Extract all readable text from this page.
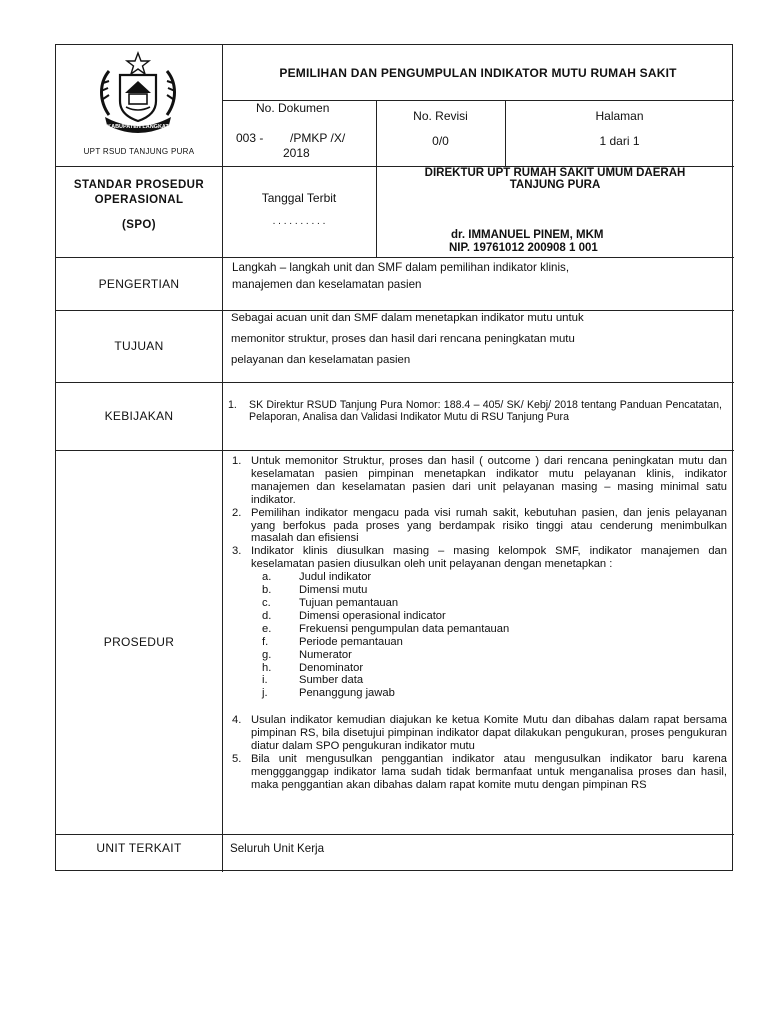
KABUPATEN LANGKAT
UPT RSUD TANJUNG PURA
PEMILIHAN DAN PENGUMPULAN INDIKATOR MUTU RUMAH SAKIT
No. Dokumen
003 -        /PMKP /X/
2018
No. Revisi
0/0
Halaman
1 dari 1
STANDAR PROSEDUR
OPERASIONAL
(SPO)
Tanggal Terbit
. . . . . . . . . .
DIREKTUR UPT RUMAH SAKIT UMUM DAERAH
TANJUNG PURA
dr. IMMANUEL PINEM, MKM
NIP. 19761012 200908 1 001
PENGERTIAN
Langkah – langkah unit dan SMF dalam pemilihan indikator klinis,
manajemen dan keselamatan pasien
TUJUAN
Sebagai acuan unit dan SMF dalam menetapkan indikator mutu untuk
memonitor struktur, proses dan hasil dari rencana peningkatan mutu
pelayanan dan keselamatan pasien
KEBIJAKAN
1. SK Direktur RSUD Tanjung Pura Nomor: 188.4 – 405/ SK/ Kebj/ 2018 tentang Panduan Pencatatan, Pelaporan, Analisa dan Validasi Indikator Mutu di RSU Tanjung Pura
PROSEDUR
1. Untuk memonitor Struktur, proses dan hasil ( outcome ) dari rencana peningkatan mutu dan keselamatan pasien pimpinan menetapkan indikator mutu pelayanan klinis, indikator manajemen dan keselamatan pasien dari unit pelayanan masing – masing minimal satu indikator.
2. Pemilihan indikator mengacu pada visi rumah sakit, kebutuhan pasien, dan jenis pelayanan yang berfokus pada proses yang berdampak risiko tinggi atau cenderung menimbulkan masalah dan efisiensi
3. Indikator klinis diusulkan masing – masing kelompok SMF, indikator manajemen dan keselamatan pasien diusulkan oleh unit pelayanan dengan menetapkan :
a. Judul indikator
b. Dimensi mutu
c.	Tujuan pemantauan
d. Dimensi operasional indicator
e. Frekuensi pengumpulan data pemantauan
f.	Periode pemantauan
g. Numerator
h. Denominator
i.	Sumber data
j.	Penanggung jawab
4. Usulan indikator kemudian diajukan ke ketua Komite Mutu dan dibahas dalam rapat bersama pimpinan RS, bila disetujui pimpinan indikator dapat dilakukan pengukuran, proses pengukuran diatur dalam SPO pengukuran indikator mutu
5. Bila unit mengusulkan penggantian indikator atau mengusulkan indikator baru karena menggganggap indikator lama sudah tidak bermanfaat untuk menganalisa proses dan hasil, maka penggantian akan dibahas dalam rapat komite mutu dengan pimpinan RS
UNIT TERKAIT	Seluruh Unit Kerja
